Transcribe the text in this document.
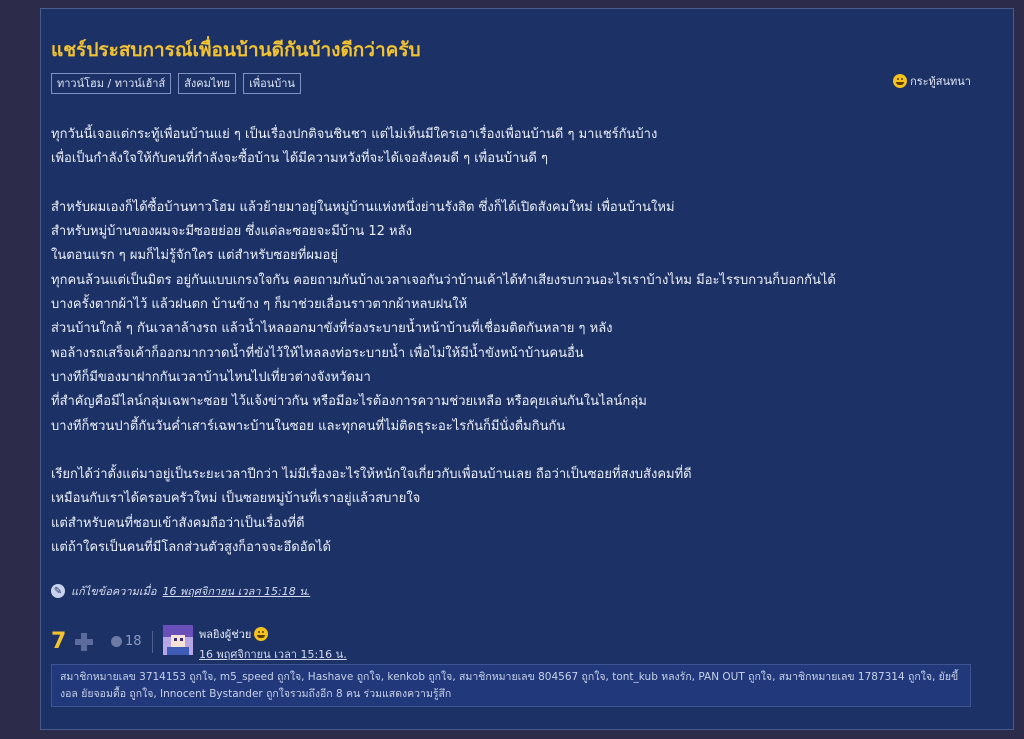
แชร์ประสบการณ์เพื่อนบ้านดีกันบ้างดีกว่าครับ
ทาวน์โฮม / ทาวน์เฮ้าส์	สังคมไทย	เพื่อนบ้าน	กระทู้สนทนา
ทุกวันนี้เจอแต่กระทู้เพื่อนบ้านแย่ ๆ เป็นเรื่องปกติจนชินชา แต่ไม่เห็นมีใครเอาเรื่องเพื่อนบ้านดี ๆ มาแชร์กันบ้าง
เพื่อเป็นกำลังใจให้กับคนที่กำลังจะซื้อบ้าน ได้มีความหวังที่จะได้เจอสังคมดี ๆ เพื่อนบ้านดี ๆ
สำหรับผมเองก็ได้ซื้อบ้านทาวโฮม แล้วย้ายมาอยู่ในหมู่บ้านแห่งหนึ่งย่านรังสิต ซึ่งก็ได้เปิดสังคมใหม่ เพื่อนบ้านใหม่
สำหรับหมู่บ้านของผมจะมีซอยย่อย ซึ่งแต่ละซอยจะมีบ้าน 12 หลัง
ในตอนแรก ๆ ผมก็ไม่รู้จักใคร แต่สำหรับซอยที่ผมอยู่
ทุกคนล้วนแต่เป็นมิตร อยู่กันแบบเกรงใจกัน คอยถามกันบ้างเวลาเจอกันว่าบ้านเค้าได้ทำเสียงรบกวนอะไรเราบ้างไหม มีอะไรรบกวนก็บอกกันได้
บางครั้งตากผ้าไว้ แล้วฝนตก บ้านข้าง ๆ ก็มาช่วยเลื่อนราวตากผ้าหลบฝนให้
ส่วนบ้านใกล้ ๆ กันเวลาล้างรถ แล้วน้ำไหลออกมาขังที่ร่องระบายน้ำหน้าบ้านที่เชื่อมติดกันหลาย ๆ หลัง
พอล้างรถเสร็จเค้าก็ออกมากวาดน้ำที่ขังไว้ให้ไหลลงท่อระบายน้ำ เพื่อไม่ให้มีน้ำขังหน้าบ้านคนอื่น
บางทีก็มีของมาฝากกันเวลาบ้านไหนไปเที่ยวต่างจังหวัดมา
ที่สำคัญคือมีไลน์กลุ่มเฉพาะซอย ไว้แจ้งข่าวกัน หรือมีอะไรต้องการความช่วยเหลือ หรือคุยเล่นกันในไลน์กลุ่ม
บางทีก็ชวนปาตี้กันวันค่ำเสาร์เฉพาะบ้านในซอย และทุกคนที่ไม่ติดธุระอะไรกันก็มีนั่งดื่มกินกัน
เรียกได้ว่าตั้งแต่มาอยู่เป็นระยะเวลาปีกว่า ไม่มีเรื่องอะไรให้หนักใจเกี่ยวกับเพื่อนบ้านเลย ถือว่าเป็นซอยที่สงบสังคมที่ดี
เหมือนกับเราได้ครอบครัวใหม่ เป็นซอยหมู่บ้านที่เราอยู่แล้วสบายใจ
แต่สำหรับคนที่ชอบเข้าสังคมถือว่าเป็นเรื่องที่ดี
แต่ถ้าใครเป็นคนที่มีโลกส่วนตัวสูงก็อาจจะอึดอัดได้
✎ แก้ไขข้อความเมื่อ 16 พฤศจิกายน เวลา 15:18 น.
7	18	พลยิงผู้ช่วย
16 พฤศจิกายน เวลา 15:16 น.
สมาชิกหมายเลข 3714153 ถูกใจ, m5_speed ถูกใจ, Hashave ถูกใจ, kenkob ถูกใจ, สมาชิกหมายเลข 804567 ถูกใจ, tont_kub หลงรัก, PAN OUT ถูกใจ, สมาชิกหมายเลข 1787314 ถูกใจ, ยัยขี้งอล ยัยจอมตื้อ ถูกใจ, Innocent Bystander ถูกใจรวมถึงอีก 8 คน ร่วมแสดงความรู้สึก
